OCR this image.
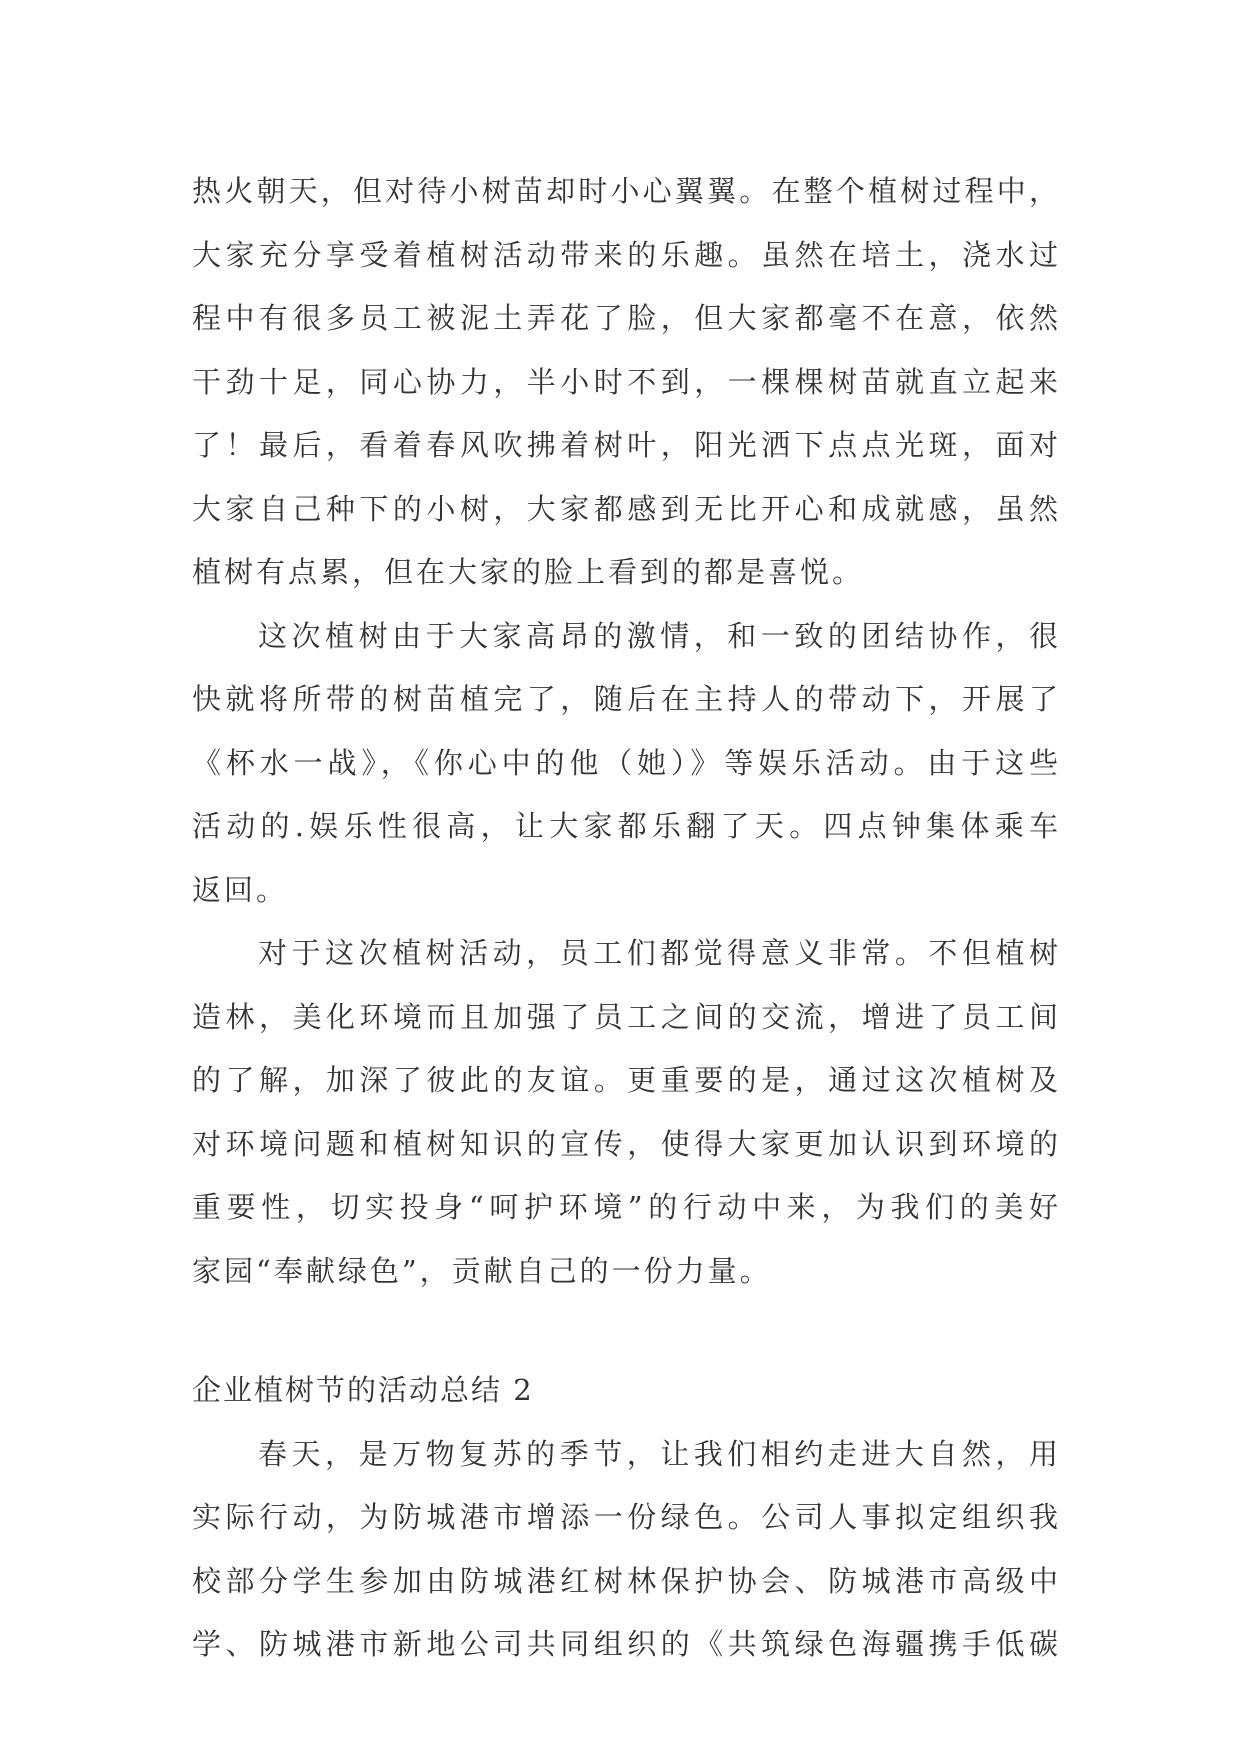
热火朝天，但对待小树苗却时小心翼翼。在整个植树过程中，
大家充分享受着植树活动带来的乐趣。虽然在培土，浇水过
程中有很多员工被泥土弄花了脸，但大家都毫不在意，依然
干劲十足，同心协力，半小时不到，一棵棵树苗就直立起来
了！最后，看着春风吹拂着树叶，阳光洒下点点光斑，面对
大家自己种下的小树，大家都感到无比开心和成就感，虽然
植树有点累，但在大家的脸上看到的都是喜悦。
这次植树由于大家高昂的激情，和一致的团结协作，很
快就将所带的树苗植完了，随后在主持人的带动下，开展了
《杯水一战》，《你心中的他（她）》等娱乐活动。由于这些
活动的.娱乐性很高，让大家都乐翻了天。四点钟集体乘车
返回。
对于这次植树活动，员工们都觉得意义非常。不但植树
造林，美化环境而且加强了员工之间的交流，增进了员工间
的了解，加深了彼此的友谊。更重要的是，通过这次植树及
对环境问题和植树知识的宣传，使得大家更加认识到环境的
重要性，切实投身“呵护环境”的行动中来，为我们的美好
家园“奉献绿色”，贡献自己的一份力量。
企业植树节的活动总结 2
春天，是万物复苏的季节，让我们相约走进大自然，用
实际行动，为防城港市增添一份绿色。公司人事拟定组织我
校部分学生参加由防城港红树林保护协会、防城港市高级中
学、防城港市新地公司共同组织的《共筑绿色海疆携手低碳
